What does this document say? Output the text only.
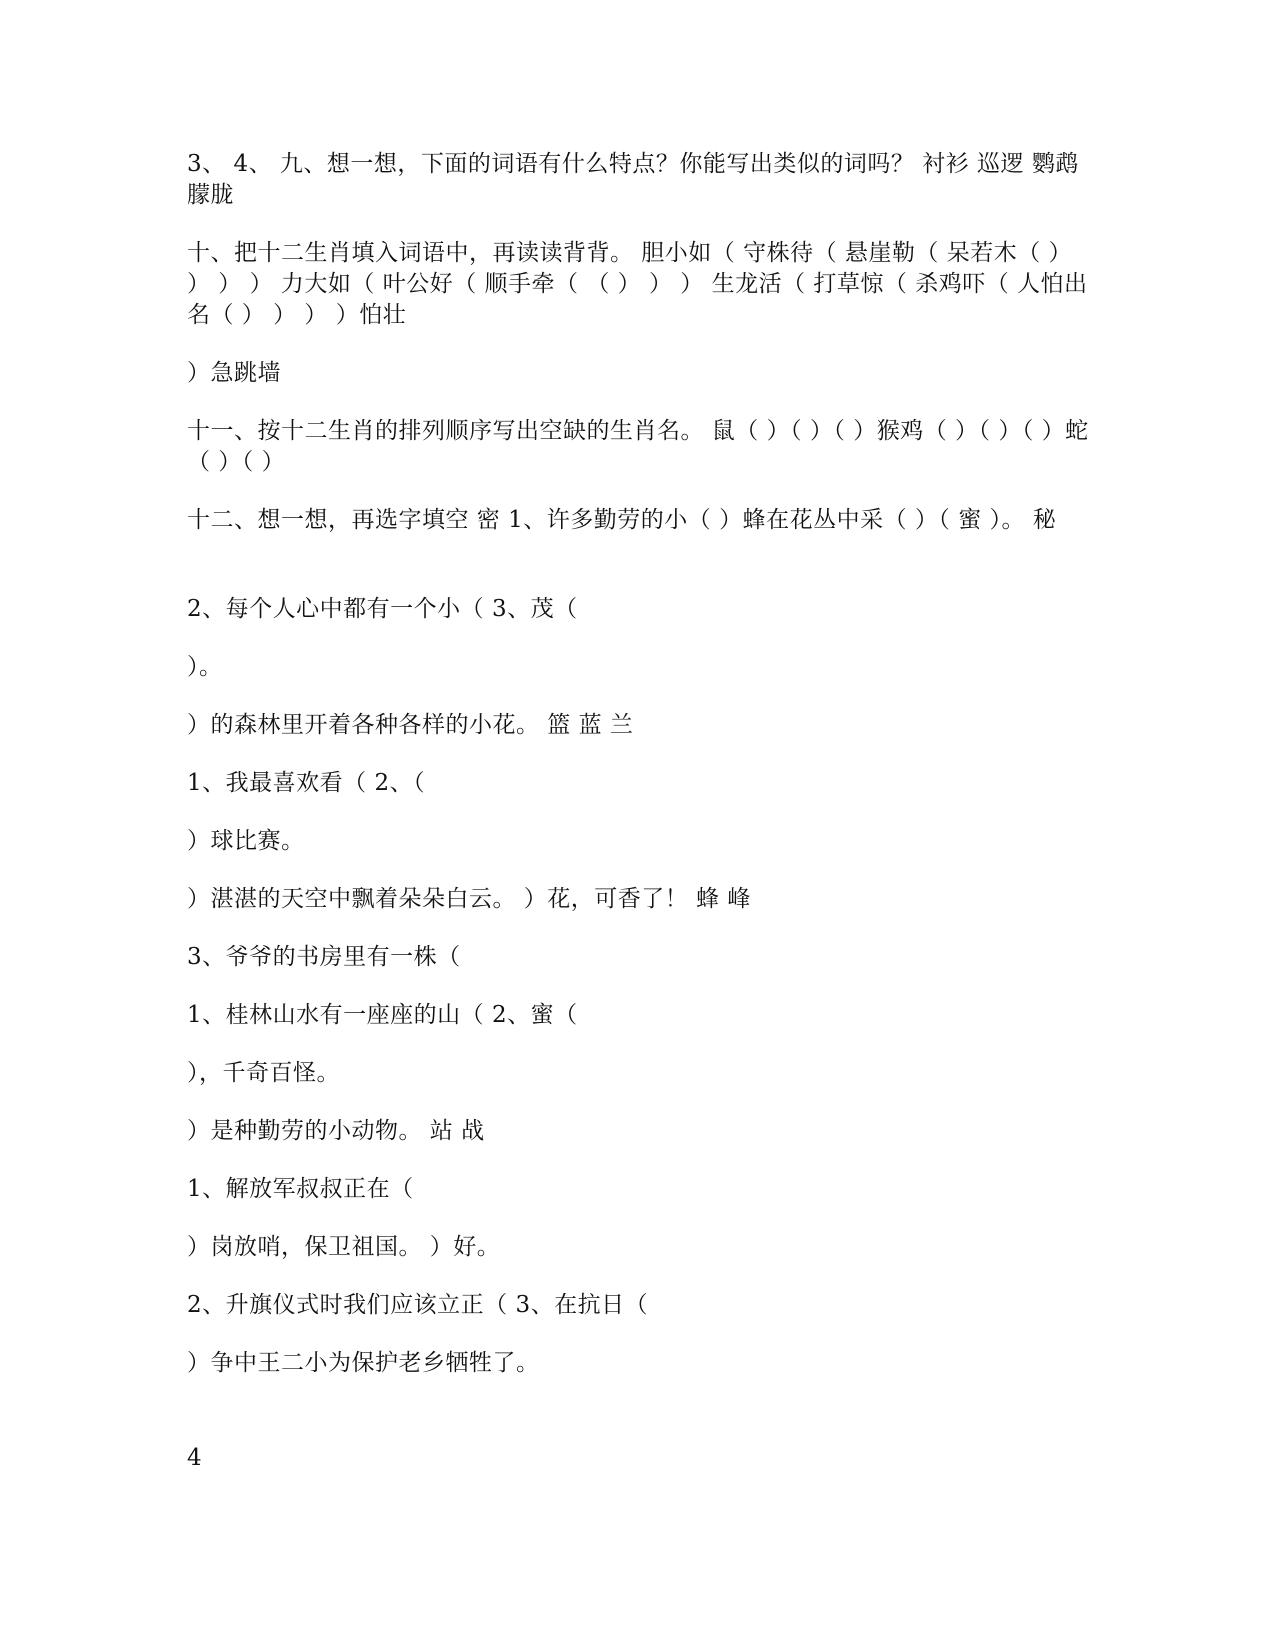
3、 4、 九、想一想，下面的词语有什么特点？你能写出类似的词吗？ 衬衫 巡逻 鹦鹉 朦胧
十、把十二生肖填入词语中，再读读背背。 胆小如（ 守株待（ 悬崖勒（ 呆若木（ ） ） ） ） 力大如（ 叶公好（ 顺手牵（ （ ） ） ） 生龙活（ 打草惊（ 杀鸡吓（ 人怕出名（ ） ） ） ）怕壮
）急跳墙
十一、按十二生肖的排列顺序写出空缺的生肖名。 鼠（ ）（ ）（ ）猴鸡（ ）（ ）（ ）蛇（ ）（ ）
十二、想一想，再选字填空 密 1、许多勤劳的小（ ）蜂在花丛中采（ ）（ 蜜 ）。 秘
2、每个人心中都有一个小（ 3、茂（
）。
）的森林里开着各种各样的小花。 篮 蓝 兰
1、我最喜欢看（ 2、（
）球比赛。
）湛湛的天空中飘着朵朵白云。 ）花，可香了！ 蜂 峰
3、爷爷的书房里有一株（
1、桂林山水有一座座的山（ 2、蜜（
），千奇百怪。
）是种勤劳的小动物。 站 战
1、解放军叔叔正在（
）岗放哨，保卫祖国。 ）好。
2、升旗仪式时我们应该立正（ 3、在抗日（
）争中王二小为保护老乡牺牲了。
4
